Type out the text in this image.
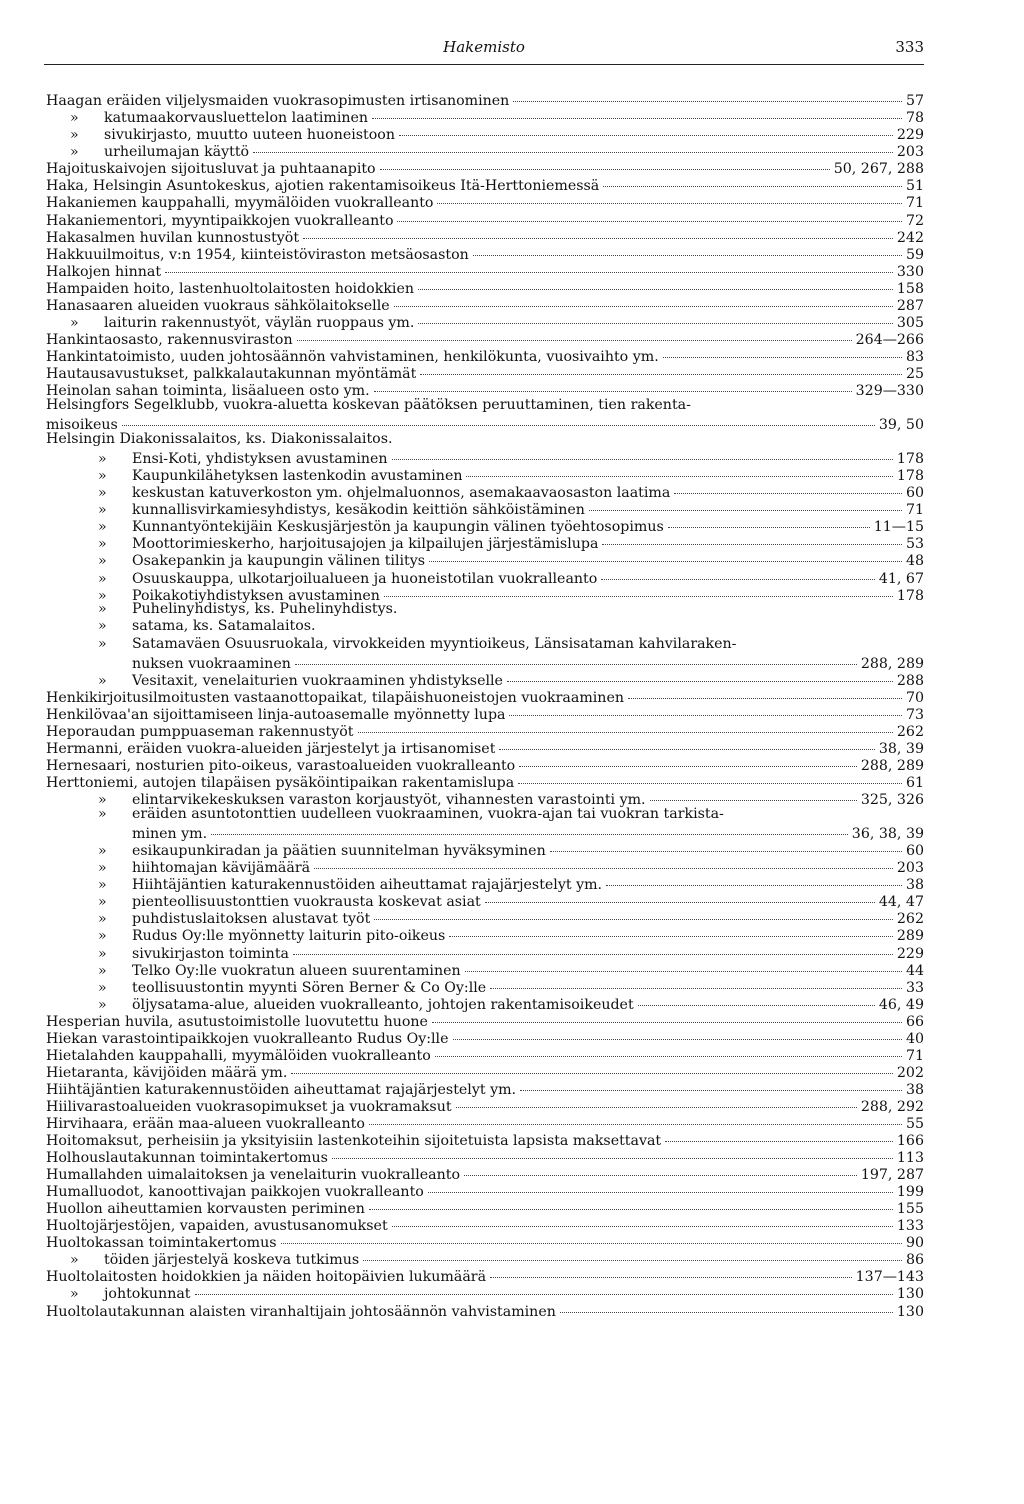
Hakemisto	333
Haagan eräiden viljelysmaiden vuokrasopimusten irtisanominen	57
» katumaakorvausluettelon laatiminen	78
» sivukirjasto, muutto uuteen huoneistoon	229
» urheilumajan käyttö	203
Hajoituskaivojen sijoitusluvat ja puhtaanapito	50, 267, 288
Haka, Helsingin Asuntokeskus, ajotien rakentamisoikeus Itä-Herttoniemessä	51
Hakaniemen kauppahalli, myymälöiden vuokralleanto	71
Hakaniementori, myyntipaikkojen vuokralleanto	72
Hakasalmen huvilan kunnostustyöt	242
Hakkuuilmoitus, v:n 1954, kiinteistöviraston metsäosaston	59
Halkojen hinnat	330
Hampaiden hoito, lastenhuoltolaitosten hoidokkien	158
Hanasaaren alueiden vuokraus sähkölaitokselle	287
» laiturin rakennustyöt, väylän ruoppaus ym.	305
Hankintaosasto, rakennusviraston	264—266
Hankintatoimisto, uuden johtosäännön vahvistaminen, henkilökunta, vuosivaihto ym.	83
Hautausavustukset, palkkalautakunnan myöntämät	25
Heinolan sahan toiminta, lisäalueen osto ym.	329—330
Helsingfors Segelklubb, vuokra-aluetta koskevan päätöksen peruuttaminen, tien rakenta-
misoikeus	39, 50
Helsingin Diakonissalaitos, ks. Diakonissalaitos.
» Ensi-Koti, yhdistyksen avustaminen	178
» Kaupunkilähetyksen lastenkodin avustaminen	178
» keskustan katuverkoston ym. ohjelmaluonnos, asemakaavaosaston laatima	60
» kunnallisvirkamiesyhdistys, kesäkodin keittiön sähköistäminen	71
» Kunnantyöntekijäin Keskusjärjestön ja kaupungin välinen työehtosopimus	11—15
» Moottorimieskerho, harjoitusajojen ja kilpailujen järjestämislupa	53
» Osakepankin ja kaupungin välinen tilitys	48
» Osuuskauppa, ulkotarjoilualueen ja huoneistotilan vuokralleanto	41, 67
» Poikakotiyhdistyksen avustaminen	178
» Puhelinyhdistys, ks. Puhelinyhdistys.
» satama, ks. Satamalaitos.
» Satamaväen Osuusruokala, virvokkeiden myyntioikeus, Länsisataman kahvilaraken-
nuksen vuokraaminen	288, 289
» Vesitaxit, venelaiturien vuokraaminen yhdistykselle	288
Henkikirjoitusilmoitusten vastaanottopaikat, tilapäishuoneistojen vuokraaminen	70
Henkilövaa'an sijoittamiseen linja-autoasemalle myönnetty lupa	73
Heporaudan pumppuaseman rakennustyöt	262
Hermanni, eräiden vuokra-alueiden järjestelyt ja irtisanomiset	38, 39
Hernesaari, nosturien pito-oikeus, varastoalueiden vuokralleanto	288, 289
Herttoniemi, autojen tilapäisen pysäköintipaikan rakentamislupa	61
» elintarvikekeskuksen varaston korjaustyöt, vihannesten varastointi ym.	325, 326
» eräiden asuntotonttien uudelleen vuokraaminen, vuokra-ajan tai vuokran tarkista-
minen ym.	36, 38, 39
» esikaupunkiradan ja päätien suunnitelman hyväksyminen	60
» hiihtomajan kävijämäärä	203
» Hiihtäjäntien katurakennustöiden aiheuttamat rajajärjestelyt ym.	38
» pienteollisuustonttien vuokrausta koskevat asiat	44, 47
» puhdistuslaitoksen alustavat työt	262
» Rudus Oy:lle myönnetty laiturin pito-oikeus	289
» sivukirjaston toiminta	229
» Telko Oy:lle vuokratun alueen suurentaminen	44
» teollisuustontin myynti Sören Berner & Co Oy:lle	33
» öljysatama-alue, alueiden vuokralleanto, johtojen rakentamisoikeudet	46, 49
Hesperian huvila, asutustoimistolle luovutettu huone	66
Hiekan varastointipaikkojen vuokralleanto Rudus Oy:lle	40
Hietalahden kauppahalli, myymälöiden vuokralleanto	71
Hietaranta, kävijöiden määrä ym.	202
Hiihtäjäntien katurakennustöiden aiheuttamat rajajärjestelyt ym.	38
Hiilivarastoalueiden vuokrasopimukset ja vuokramaksut	288, 292
Hirvihaara, erään maa-alueen vuokralleanto	55
Hoitomaksut, perheisiin ja yksityisiin lastenkoteihin sijoitetuista lapsista maksettavat	166
Holhouslautakunnan toimintakertomus	113
Humallahden uimalaitoksen ja venelaiturin vuokralleanto	197, 287
Humalluodot, kanoottivajan paikkojen vuokralleanto	199
Huollon aiheuttamien korvausten periminen	155
Huoltojärjestöjen, vapaiden, avustusanomukset	133
Huoltokassan toimintakertomus	90
» töiden järjestelyä koskeva tutkimus	86
Huoltolaitosten hoidokkien ja näiden hoitopäivien lukumäärä	137—143
» johtokunnat	130
Huoltolautakunnan alaisten viranhaltijain johtosäännön vahvistaminen	130
